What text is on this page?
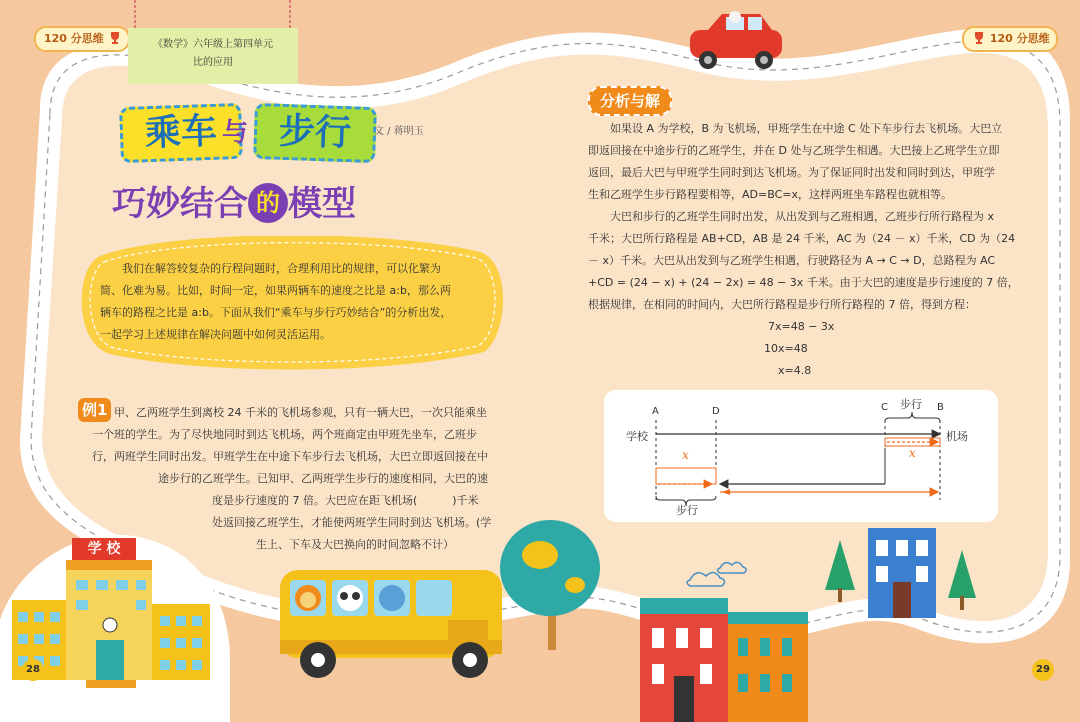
120 分思维	120 分思维
《数学》六年级上第四单元
比的应用
乘车 与 步行
巧妙结合 的 模型
文 / 蒋明玉
我们在解答较复杂的行程问题时，合理利用比的规律，可以化繁为简、化难为易。比如，时间一定，如果两辆车的速度之比是 a:b，那么两辆车的路程之比是 a:b。下面从我们“乘车与步行巧妙结合”的分析出发，一起学习上述规律在解决问题中如何灵活运用。
例1 甲、乙两班学生到离校 24 千米的飞机场参观，只有一辆大巴，一次只能乘坐
一个班的学生。为了尽快地同时到达飞机场，两个班商定由甲班先坐车，乙班步
行，两班学生同时出发。甲班学生在中途下车步行去飞机场，大巴立即返回接在中
途步行的乙班学生。已知甲、乙两班学生步行的速度相同，大巴的速
度是步行速度的 7 倍。大巴应在距飞机场(          )千米
处返回接乙班学生，才能使两班学生同时到达飞机场。(学
生上、下车及大巴换向的时间忽略不计）
学 校
分析与解
如果设 A 为学校，B 为飞机场，甲班学生在中途 C 处下车步行去飞机场。大巴立即返回接在中途步行的乙班学生，并在 D 处与乙班学生相遇。大巴接上乙班学生立即返回，最后大巴与甲班学生同时到达飞机场。为了保证同时出发和同时到达，甲班学生和乙班学生步行路程要相等，AD=BC=x，这样两班坐车路程也就相等。
大巴和步行的乙班学生同时出发，从出发到与乙班相遇，乙班步行所行路程为 x
千米；大巴所行路程是 AB+CD，AB 是 24 千米，AC 为（24 － x）千米，CD 为（24
－ x）千米。大巴从出发到与乙班学生相遇，行驶路径为 A → C → D，总路程为 AC
+CD = (24 − x) + (24 − 2x) = 48 − 3x 千米。由于大巴的速度是步行速度的 7 倍，
根据规律，在相同的时间内，大巴所行路程是步行所行路程的 7 倍，得到方程：
7x=48 − 3x
10x=48
x=4.8
A	D	C	B
学校	机场
步行
步行
x	x
28	29
